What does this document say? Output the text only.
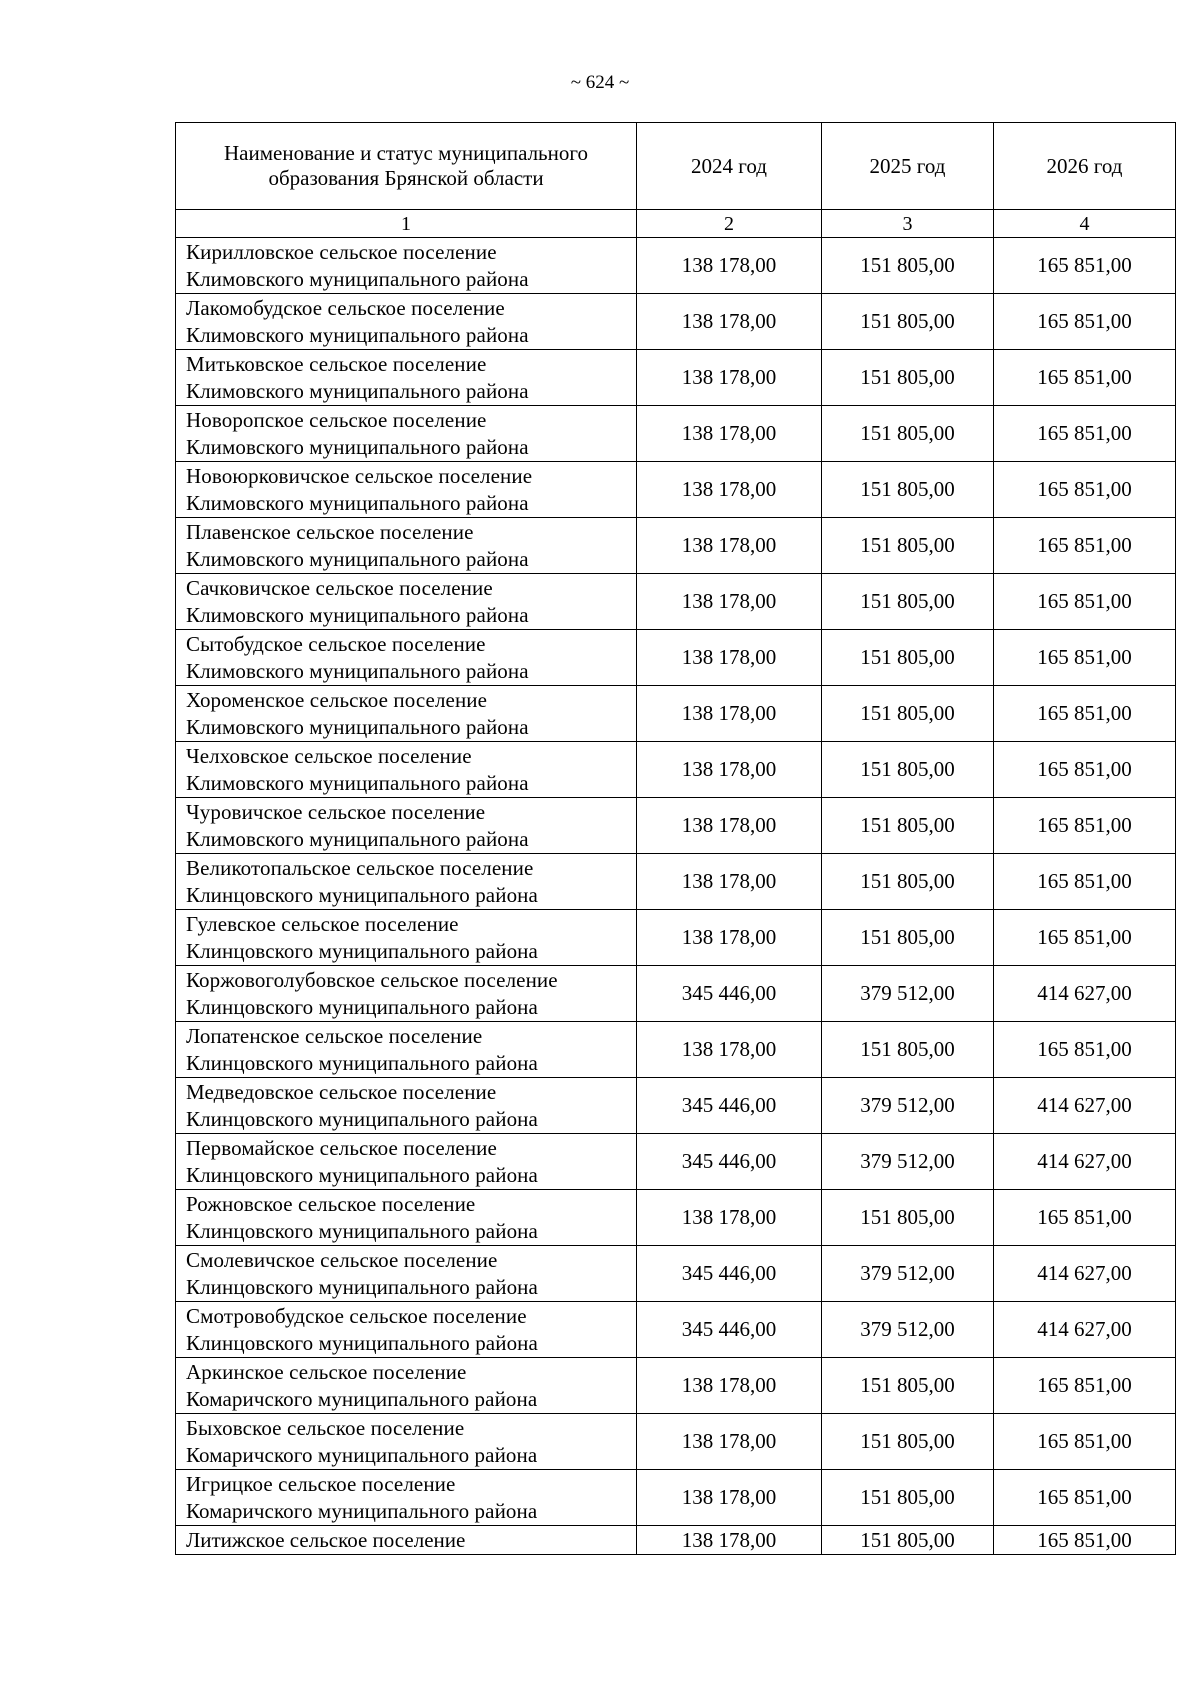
~ 624 ~
Наименование и статус муниципального образования Брянской области	2024 год	2025 год	2026 год
1	2	3	4

Кирилловское сельское поселение
Климовского муниципального района	138 178,00	151 805,00	165 851,00

Лакомобудское сельское поселение
Климовского муниципального района	138 178,00	151 805,00	165 851,00

Митьковское сельское поселение
Климовского муниципального района	138 178,00	151 805,00	165 851,00

Новоропское сельское поселение
Климовского муниципального района	138 178,00	151 805,00	165 851,00

Новоюрковичское сельское поселение
Климовского муниципального района	138 178,00	151 805,00	165 851,00

Плавенское сельское поселение
Климовского муниципального района	138 178,00	151 805,00	165 851,00

Сачковичское сельское поселение
Климовского муниципального района	138 178,00	151 805,00	165 851,00

Сытобудское сельское поселение
Климовского муниципального района	138 178,00	151 805,00	165 851,00

Хороменское сельское поселение
Климовского муниципального района	138 178,00	151 805,00	165 851,00

Челховское сельское поселение
Климовского муниципального района	138 178,00	151 805,00	165 851,00

Чуровичское сельское поселение
Климовского муниципального района	138 178,00	151 805,00	165 851,00

Великотопальское сельское поселение
Клинцовского муниципального района	138 178,00	151 805,00	165 851,00

Гулевское сельское поселение
Клинцовского муниципального района	138 178,00	151 805,00	165 851,00

Коржовоголубовское сельское поселение
Клинцовского муниципального района	345 446,00	379 512,00	414 627,00

Лопатенское сельское поселение
Клинцовского муниципального района	138 178,00	151 805,00	165 851,00

Медведовское сельское поселение
Клинцовского муниципального района	345 446,00	379 512,00	414 627,00

Первомайское сельское поселение
Клинцовского муниципального района	345 446,00	379 512,00	414 627,00

Рожновское сельское поселение
Клинцовского муниципального района	138 178,00	151 805,00	165 851,00

Смолевичское сельское поселение
Клинцовского муниципального района	345 446,00	379 512,00	414 627,00

Смотровобудское сельское поселение
Клинцовского муниципального района	345 446,00	379 512,00	414 627,00

Аркинское сельское поселение
Комаричского муниципального района	138 178,00	151 805,00	165 851,00

Быховское сельское поселение
Комаричского муниципального района	138 178,00	151 805,00	165 851,00

Игрицкое сельское поселение
Комаричского муниципального района	138 178,00	151 805,00	165 851,00
Литижское сельское поселение	138 178,00	151 805,00	165 851,00
